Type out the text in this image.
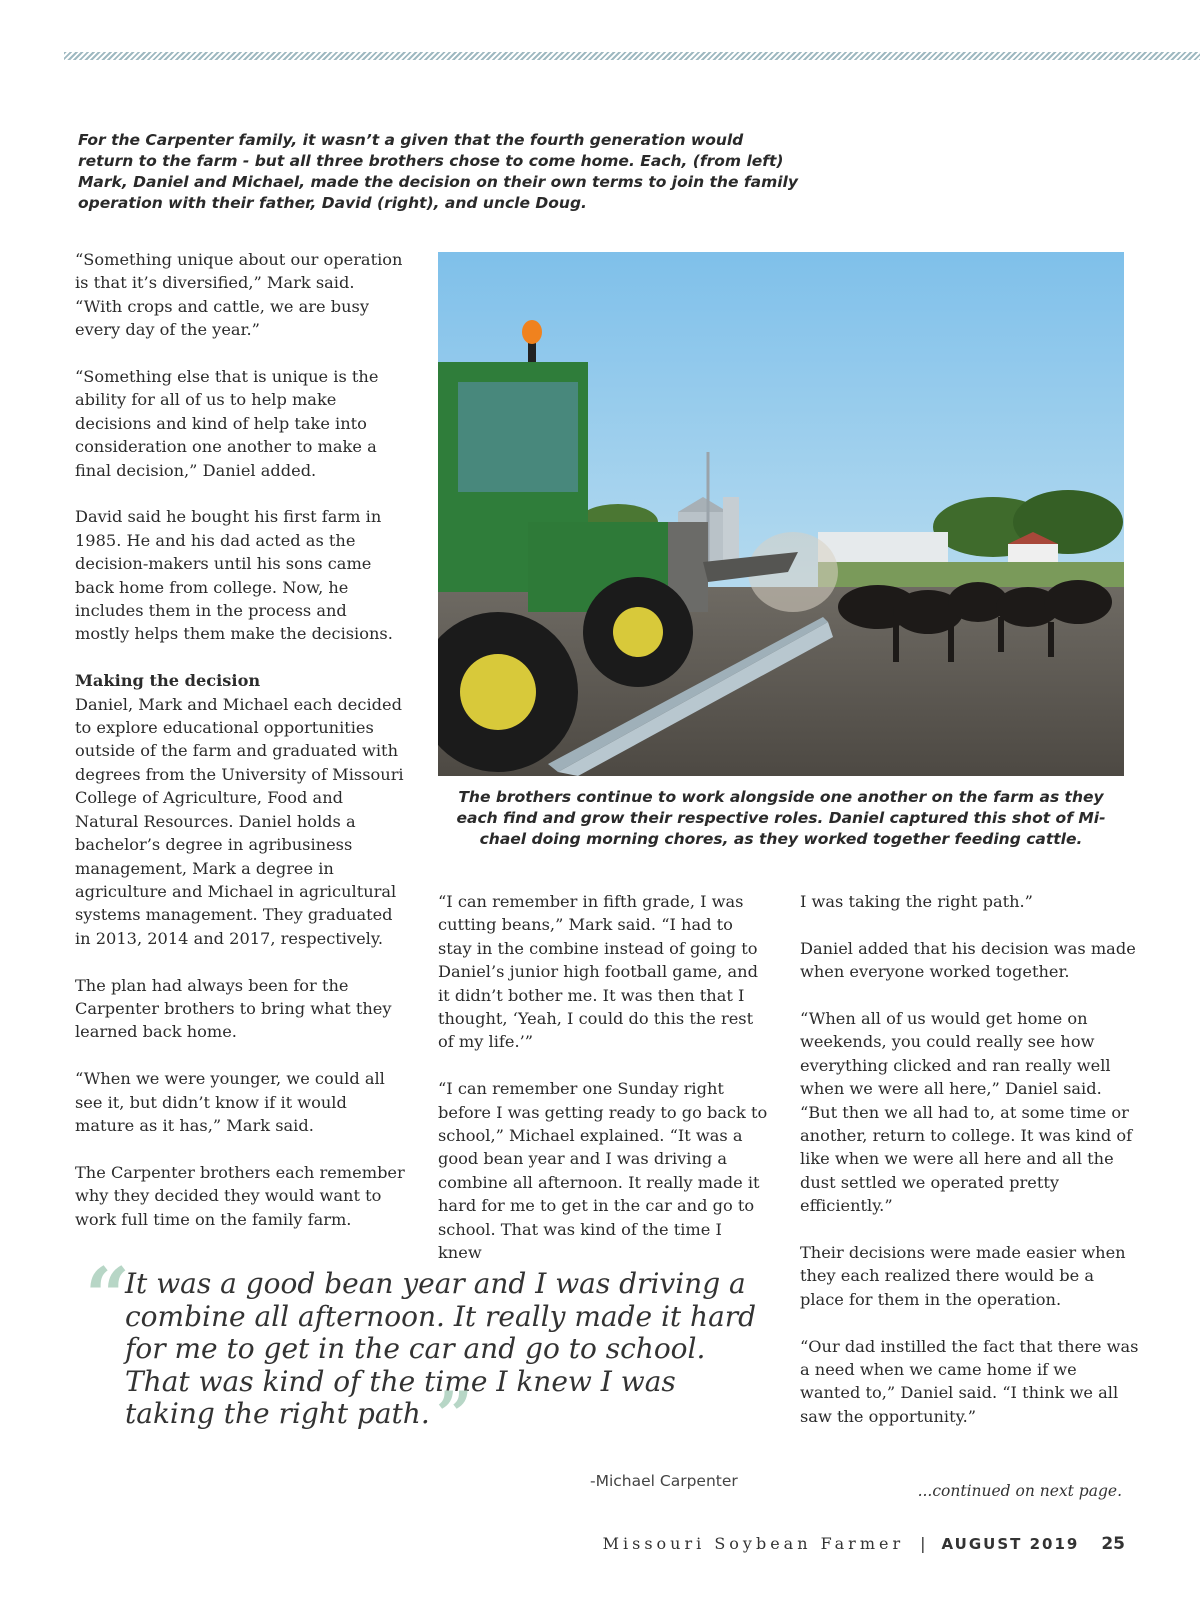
For the Carpenter family, it wasn’t a given that the fourth generation would return to the farm - but all three brothers chose to come home. Each, (from left) Mark, Daniel and Michael, made the decision on their own terms to join the family operation with their father, David (right), and uncle Doug.

“Something unique about our operation is that it’s diversified,” Mark said. “With crops and cattle, we are busy every day of the year.”

“Something else that is unique is the ability for all of us to help make decisions and kind of help take into consideration one another to make a final decision,” Daniel added.

David said he bought his first farm in 1985. He and his dad acted as the decision-makers until his sons came back home from college. Now, he includes them in the process and mostly helps them make the decisions.

Making the decision

Daniel, Mark and Michael each decided to explore educational opportunities outside of the farm and graduated with degrees from the University of Missouri College of Agriculture, Food and Natural Resources. Daniel holds a bachelor’s degree in agribusiness management, Mark a degree in agriculture and Michael in agricultural systems management. They graduated in 2013, 2014 and 2017, respectively.

The plan had always been for the Carpenter brothers to bring what they learned back home.

“When we were younger, we could all see it, but didn’t know if it would mature as it has,” Mark said.

The Carpenter brothers each remember why they decided they would want to work full time on the family farm.

The brothers continue to work alongside one another on the farm as they each find and grow their respective roles. Daniel captured this shot of Mi-chael doing morning chores, as they worked together feeding cattle.

“I can remember in fifth grade, I was cutting beans,” Mark said. “I had to stay in the combine instead of going to Daniel’s junior high football game, and it didn’t bother me. It was then that I thought, ‘Yeah, I could do this the rest of my life.’”

“I can remember one Sunday right before I was getting ready to go back to school,” Michael explained. “It was a good bean year and I was driving a combine all afternoon. It really made it hard for me to get in the car and go to school. That was kind of the time I knew

I was taking the right path.”

Daniel added that his decision was made when everyone worked together.

“When all of us would get home on weekends, you could really see how everything clicked and ran really well when we were all here,” Daniel said. “But then we all had to, at some time or another, return to college. It was kind of like when we were all here and all the dust settled we operated pretty efficiently.”

Their decisions were made easier when they each realized there would be a place for them in the operation.

“Our dad instilled the fact that there was a need when we came home if we wanted to,” Daniel said. “I think we all saw the opportunity.”

“

It was a good bean year and I was driving a combine all afternoon. It really made it hard for me to get in the car and go to school. That was kind of the time I knew I was taking the right path.”

-Michael Carpenter
...continued on next page.
Missouri Soybean Farmer | AUGUST 2019 25
